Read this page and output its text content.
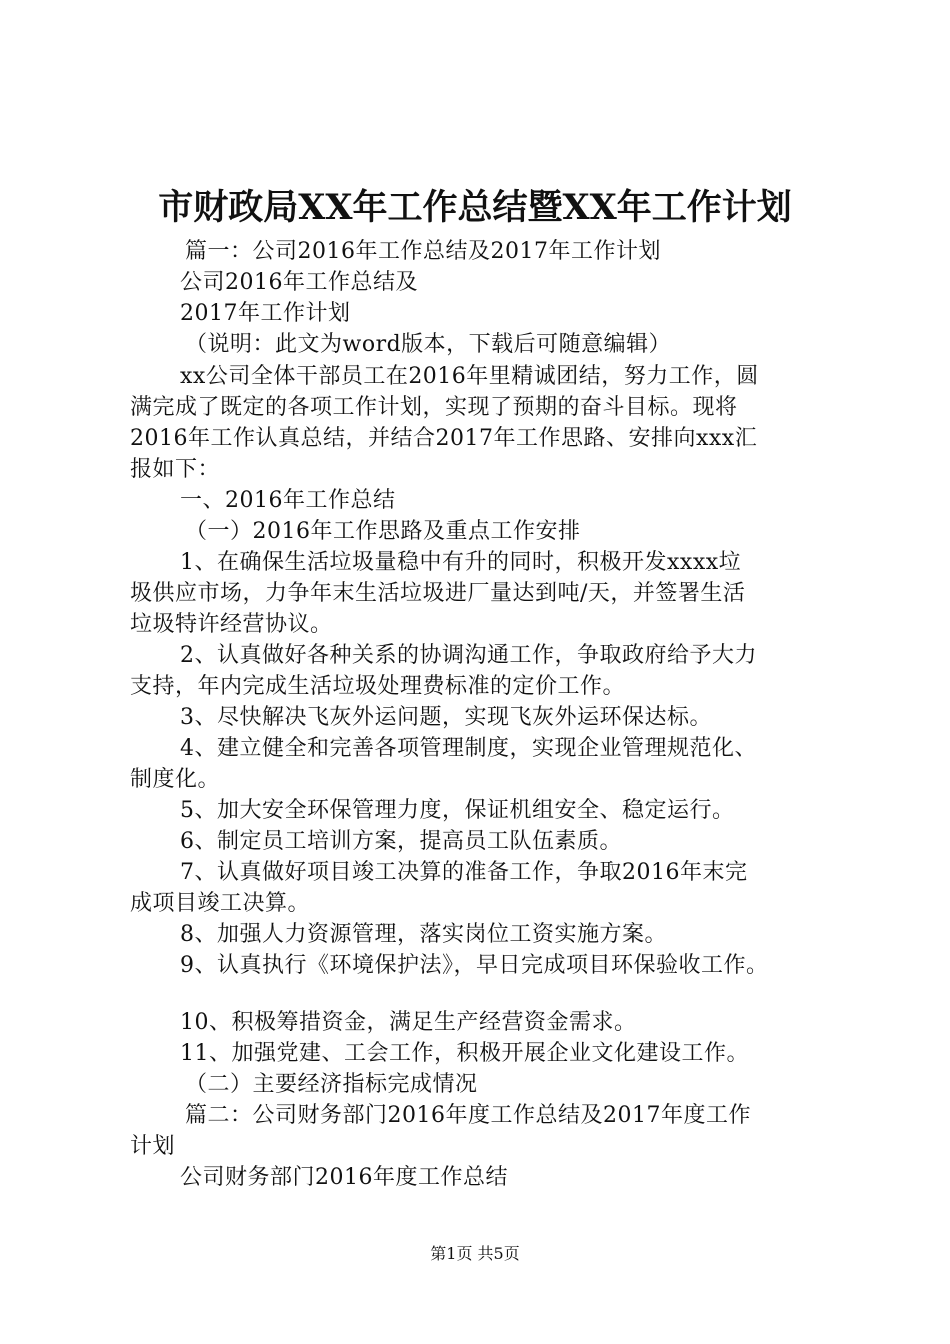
市财政局XX年工作总结暨XX年工作计划
篇一：公司2016年工作总结及2017年工作计划
公司2016年工作总结及
2017年工作计划
（说明：此文为word版本，下载后可随意编辑）
xx公司全体干部员工在2016年里精诚团结，努力工作，圆
满完成了既定的各项工作计划，实现了预期的奋斗目标。现将
2016年工作认真总结，并结合2017年工作思路、安排向xxx汇
报如下：
一、2016年工作总结
（一）2016年工作思路及重点工作安排
1、在确保生活垃圾量稳中有升的同时，积极开发xxxx垃
圾供应市场，力争年末生活垃圾进厂量达到吨/天，并签署生活
垃圾特许经营协议。
2、认真做好各种关系的协调沟通工作，争取政府给予大力
支持，年内完成生活垃圾处理费标准的定价工作。
3、尽快解决飞灰外运问题，实现飞灰外运环保达标。
4、建立健全和完善各项管理制度，实现企业管理规范化、
制度化。
5、加大安全环保管理力度，保证机组安全、稳定运行。
6、制定员工培训方案，提高员工队伍素质。
7、认真做好项目竣工决算的准备工作，争取2016年末完
成项目竣工决算。
8、加强人力资源管理，落实岗位工资实施方案。
9、认真执行《环境保护法》，早日完成项目环保验收工作。
10、积极筹措资金，满足生产经营资金需求。
11、加强党建、工会工作，积极开展企业文化建设工作。
（二）主要经济指标完成情况
篇二：公司财务部门2016年度工作总结及2017年度工作
计划
公司财务部门2016年度工作总结
第1页 共5页
